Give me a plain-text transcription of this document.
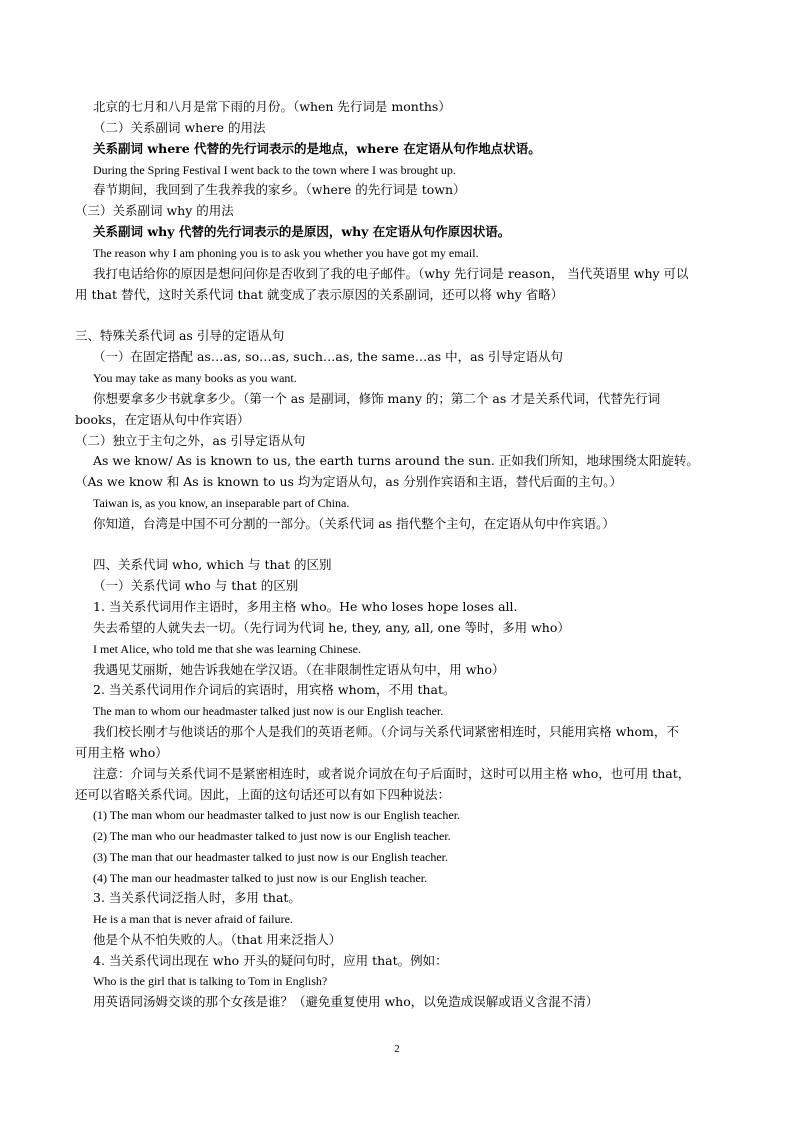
北京的七月和八月是常下雨的月份。（when 先行词是 months）
（二）关系副词 where 的用法
关系副词 where 代替的先行词表示的是地点，where 在定语从句作地点状语。
During the Spring Festival I went back to the town where I was brought up.
春节期间，我回到了生我养我的家乡。（where 的先行词是 town）
（三）关系副词 why 的用法
关系副词 why 代替的先行词表示的是原因，why 在定语从句作原因状语。
The reason why I am phoning you is to ask you whether you have got my email.
我打电话给你的原因是想问问你是否收到了我的电子邮件。（why 先行词是 reason， 当代英语里 why 可以
用 that 替代，这时关系代词 that 就变成了表示原因的关系副词，还可以将 why 省略）
三、特殊关系代词 as 引导的定语从句
（一）在固定搭配 as…as, so…as, such…as, the same…as 中，as 引导定语从句
You may take as many books as you want.
你想要拿多少书就拿多少。（第一个 as 是副词，修饰 many 的；第二个 as 才是关系代词，代替先行词
books，在定语从句中作宾语）
（二）独立于主句之外，as 引导定语从句
As we know/ As is known to us, the earth turns around the sun. 正如我们所知，地球围绕太阳旋转。
（As we know 和 As is known to us 均为定语从句，as 分别作宾语和主语，替代后面的主句。）
Taiwan is, as you know, an inseparable part of China.
你知道，台湾是中国不可分割的一部分。（关系代词 as 指代整个主句，在定语从句中作宾语。）
四、关系代词 who, which 与 that 的区别
（一）关系代词 who 与 that 的区别
1. 当关系代词用作主语时，多用主格 who。He who loses hope loses all.
失去希望的人就失去一切。（先行词为代词 he, they, any, all, one 等时，多用 who）
I met Alice, who told me that she was learning Chinese.
我遇见艾丽斯，她告诉我她在学汉语。（在非限制性定语从句中，用 who）
2. 当关系代词用作介词后的宾语时，用宾格 whom，不用 that。
The man to whom our headmaster talked just now is our English teacher.
我们校长刚才与他谈话的那个人是我们的英语老师。（介词与关系代词紧密相连时，只能用宾格 whom，不
可用主格 who）
注意：介词与关系代词不是紧密相连时，或者说介词放在句子后面时，这时可以用主格 who，也可用 that，
还可以省略关系代词。因此，上面的这句话还可以有如下四种说法：
(1) The man whom our headmaster talked to just now is our English teacher.
(2) The man who our headmaster talked to just now is our English teacher.
(3) The man that our headmaster talked to just now is our English teacher.
(4) The man our headmaster talked to just now is our English teacher.
3. 当关系代词泛指人时，多用 that。
He is a man that is never afraid of failure.
他是个从不怕失败的人。（that 用来泛指人）
4. 当关系代词出现在 who 开头的疑问句时，应用 that。例如：
Who is the girl that is talking to Tom in English?
用英语同汤姆交谈的那个女孩是谁？（避免重复使用 who，以免造成误解或语义含混不清）
2
